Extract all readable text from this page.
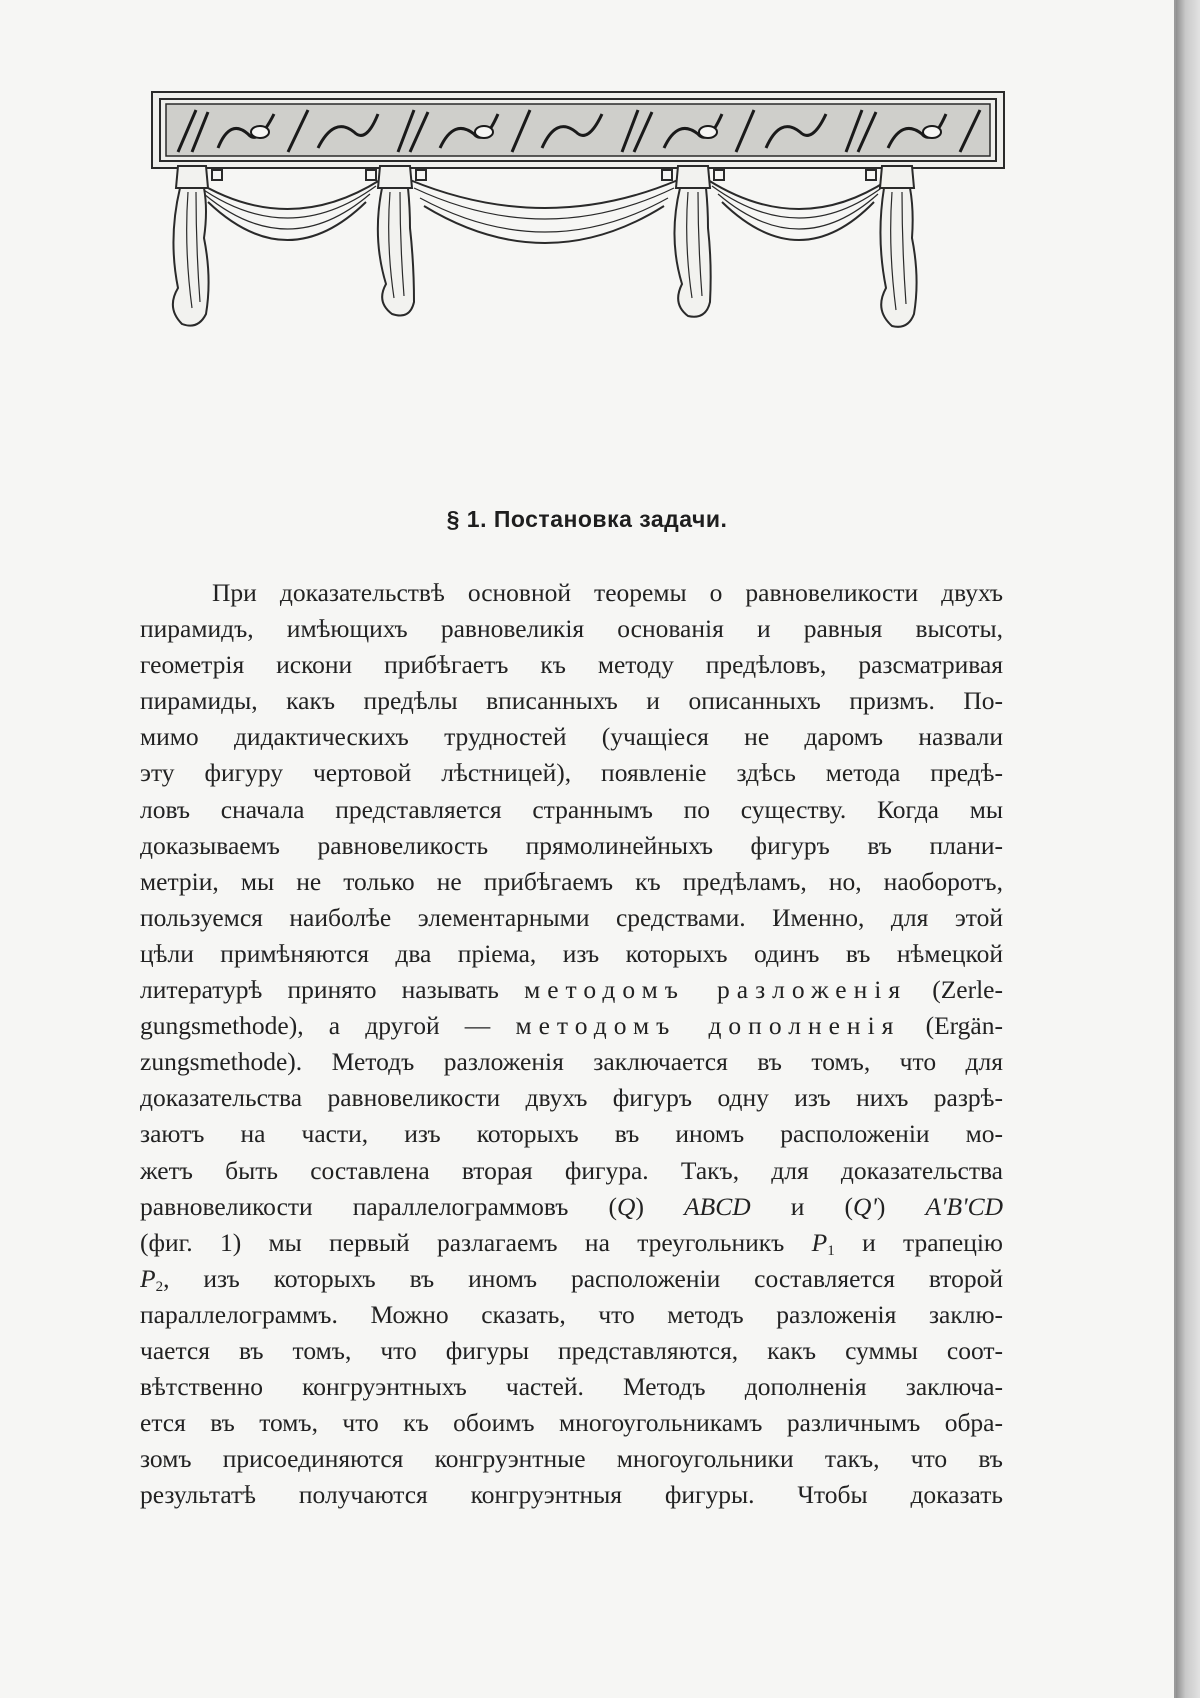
§ 1. Постановка задачи.
При доказательствѣ основной теоремы о равновеликости двухъ
пирамидъ, имѣющихъ равновеликія основанія и равныя высоты,
геометрія искони прибѣгаетъ къ методу предѣловъ, разсматривая
пирамиды, какъ предѣлы вписанныхъ и описанныхъ призмъ. По-
мимо дидактическихъ трудностей (учащіеся не даромъ назвали
эту фигуру чертовой лѣстницей), появленіе здѣсь метода предѣ-
ловъ сначала представляется страннымъ по существу. Когда мы
доказываемъ равновеликость прямолинейныхъ фигуръ въ плани-
метріи, мы не только не прибѣгаемъ къ предѣламъ, но, наоборотъ,
пользуемся наиболѣе элементарными средствами. Именно, для этой
цѣли примѣняются два пріема, изъ которыхъ одинъ въ нѣмецкой
литературѣ принято называть методомъ разложенія (Zerle-
gungsmethode), а другой — методомъ дополненія (Ergän-
zungsmethode). Методъ разложенія заключается въ томъ, что для
доказательства равновеликости двухъ фигуръ одну изъ нихъ разрѣ-
заютъ на части, изъ которыхъ въ иномъ расположеніи мо-
жетъ быть составлена вторая фигура. Такъ, для доказательства
равновеликости параллелограммовъ (Q) ABCD и (Q') A'B'CD
(фиг. 1) мы первый разлагаемъ на треугольникъ $P_1$ и трапецію
$P_2$, изъ которыхъ въ иномъ расположеніи составляется второй
параллелограммъ. Можно сказать, что методъ разложенія заклю-
чается въ томъ, что фигуры представляются, какъ суммы соот-
вѣтственно конгруэнтныхъ частей. Методъ дополненія заключа-
ется въ томъ, что къ обоимъ многоугольникамъ различнымъ обра-
зомъ присоединяются конгруэнтные многоугольники такъ, что въ
результатѣ получаются конгруэнтныя фигуры. Чтобы доказать
